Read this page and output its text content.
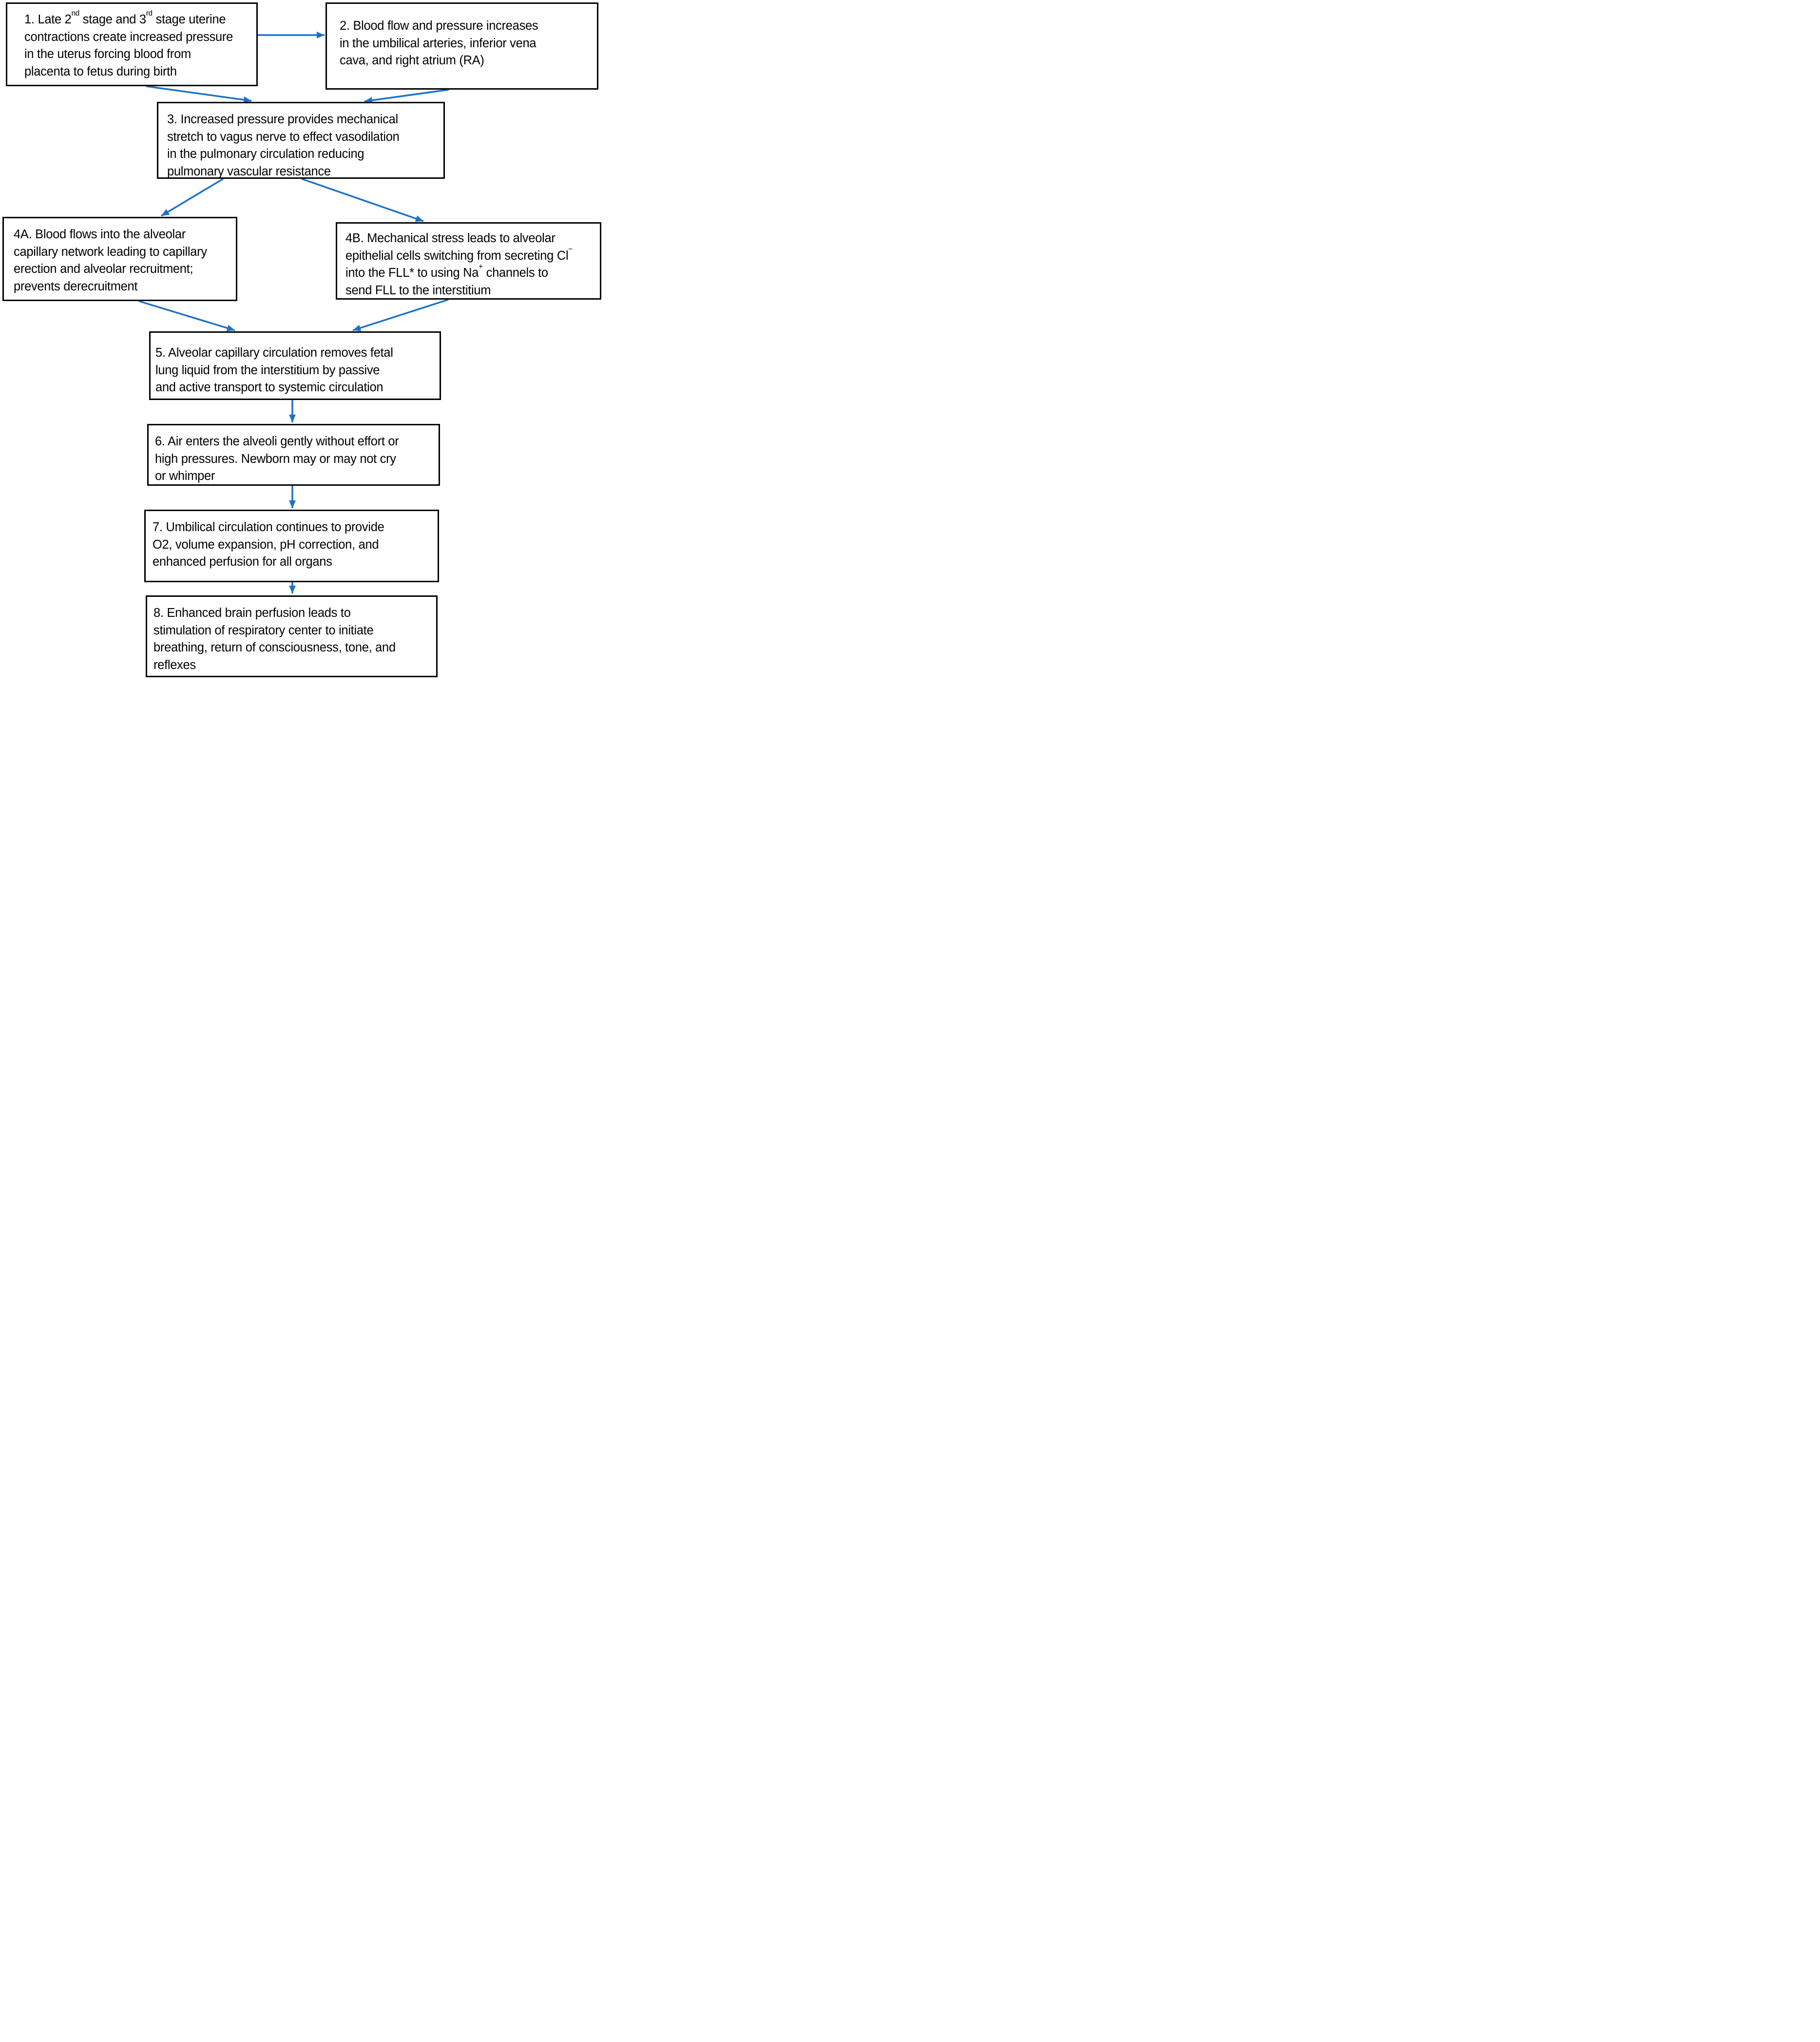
1. Late 2nd stage and 3rd stage uterine
contractions create increased pressure
in the uterus forcing blood from
placenta to fetus during birth
2. Blood flow and pressure increases
in the umbilical arteries, inferior vena
cava, and right atrium (RA)
3. Increased pressure provides mechanical
stretch to vagus nerve to effect vasodilation
in the pulmonary circulation reducing
pulmonary vascular resistance
4A. Blood flows into the alveolar
capillary network leading to capillary
erection and alveolar recruitment;
prevents derecruitment
4B. Mechanical stress leads to alveolar
epithelial cells switching from secreting Cl−
into the FLL* to using Na+ channels to
send FLL to the interstitium
5. Alveolar capillary circulation removes fetal
lung liquid from the interstitium by passive
and active transport to systemic circulation
6. Air enters the alveoli gently without effort or
high pressures. Newborn may or may not cry
or whimper
7. Umbilical circulation continues to provide
O2, volume expansion, pH correction, and
enhanced perfusion for all organs
8. Enhanced brain perfusion leads to
stimulation of respiratory center to initiate
breathing, return of consciousness, tone, and
reflexes
